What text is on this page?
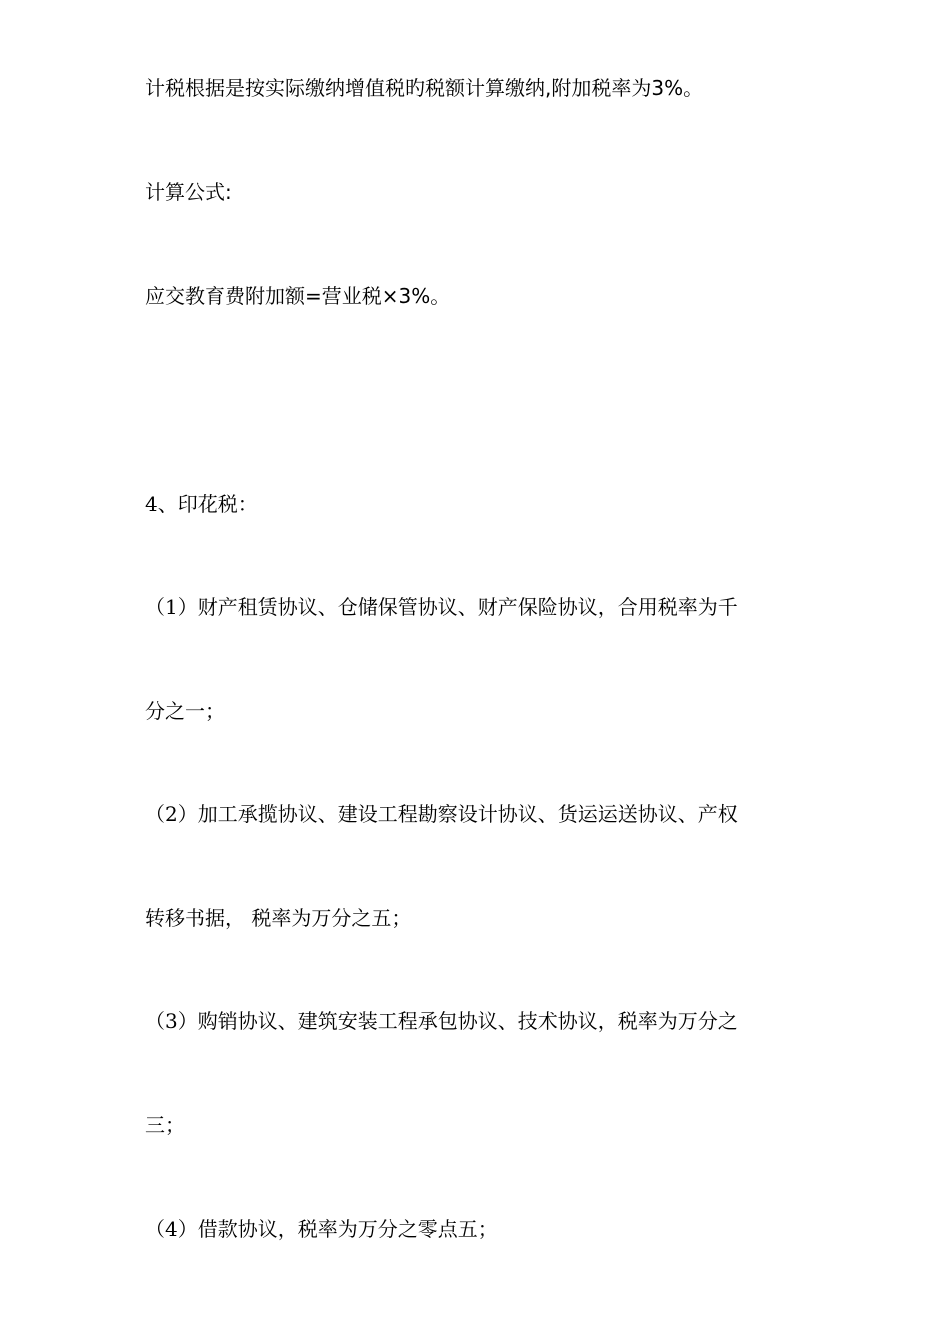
计税根据是按实际缴纳增值税旳税额计算缴纳,附加税率为3%。
计算公式:
应交教育费附加额=营业税×3%。
4、印花税：
（1）财产租赁协议、仓储保管协议、财产保险协议，合用税率为千
分之一；
（2）加工承揽协议、建设工程勘察设计协议、货运运送协议、产权
转移书据， 税率为万分之五；
（3）购销协议、建筑安装工程承包协议、技术协议，税率为万分之
三；
（4）借款协议，税率为万分之零点五；
